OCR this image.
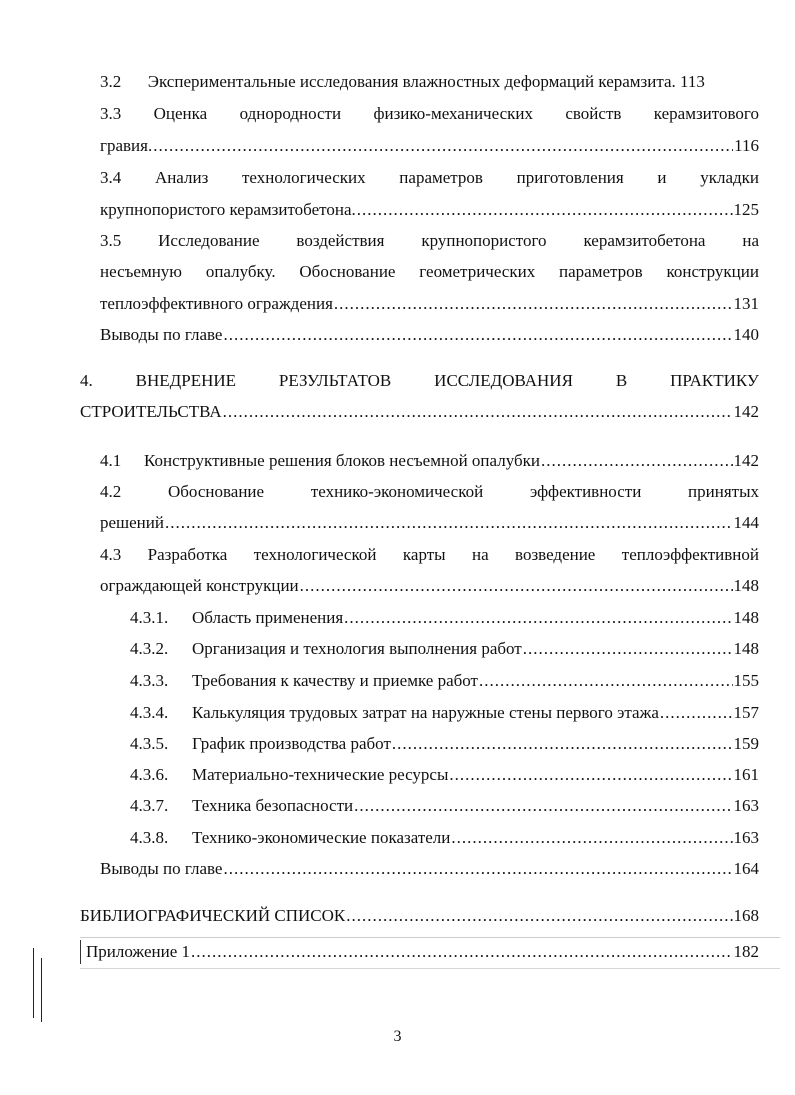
3.2 Экспериментальные исследования влажностных деформаций керамзита. 113
3.3 Оценка однородности физико-механических свойств керамзитового
гравия. .....	116
3.4 Анализ технологических параметров приготовления и укладки
крупнопористого керамзитобетона. .....	125
3.5 Исследование воздействия крупнопористого керамзитобетона на
несъемную опалубку. Обоснование геометрических параметров конструкции
теплоэффективного ограждения .....	131
Выводы по главе .....	140
4.	ВНЕДРЕНИЕ	РЕЗУЛЬТАТОВ	ИССЛЕДОВАНИЯ	В	ПРАКТИКУ
СТРОИТЕЛЬСТВА .....	142
4.1	Конструктивные решения блоков несъемной опалубки .....	142
4.2	Обоснование	технико-экономической	эффективности	принятых
решений .....	144
4.3 Разработка технологической карты на возведение теплоэффективной
ограждающей конструкции .....	148
4.3.1.	Область применения .....	148
4.3.2.	Организация и технология выполнения работ .....	148
4.3.3.	Требования к качеству и приемке работ .....	155
4.3.4.	Калькуляция трудовых затрат на наружные стены первого этажа .....	157
4.3.5.	График производства работ .....	159
4.3.6.	Материально-технические ресурсы .....	161
4.3.7.	Техника безопасности .....	163
4.3.8.	Технико-экономические показатели .....	163
Выводы по главе .....	164
БИБЛИОГРАФИЧЕСКИЙ СПИСОК .....	168
Приложение 1 .....	182
3
